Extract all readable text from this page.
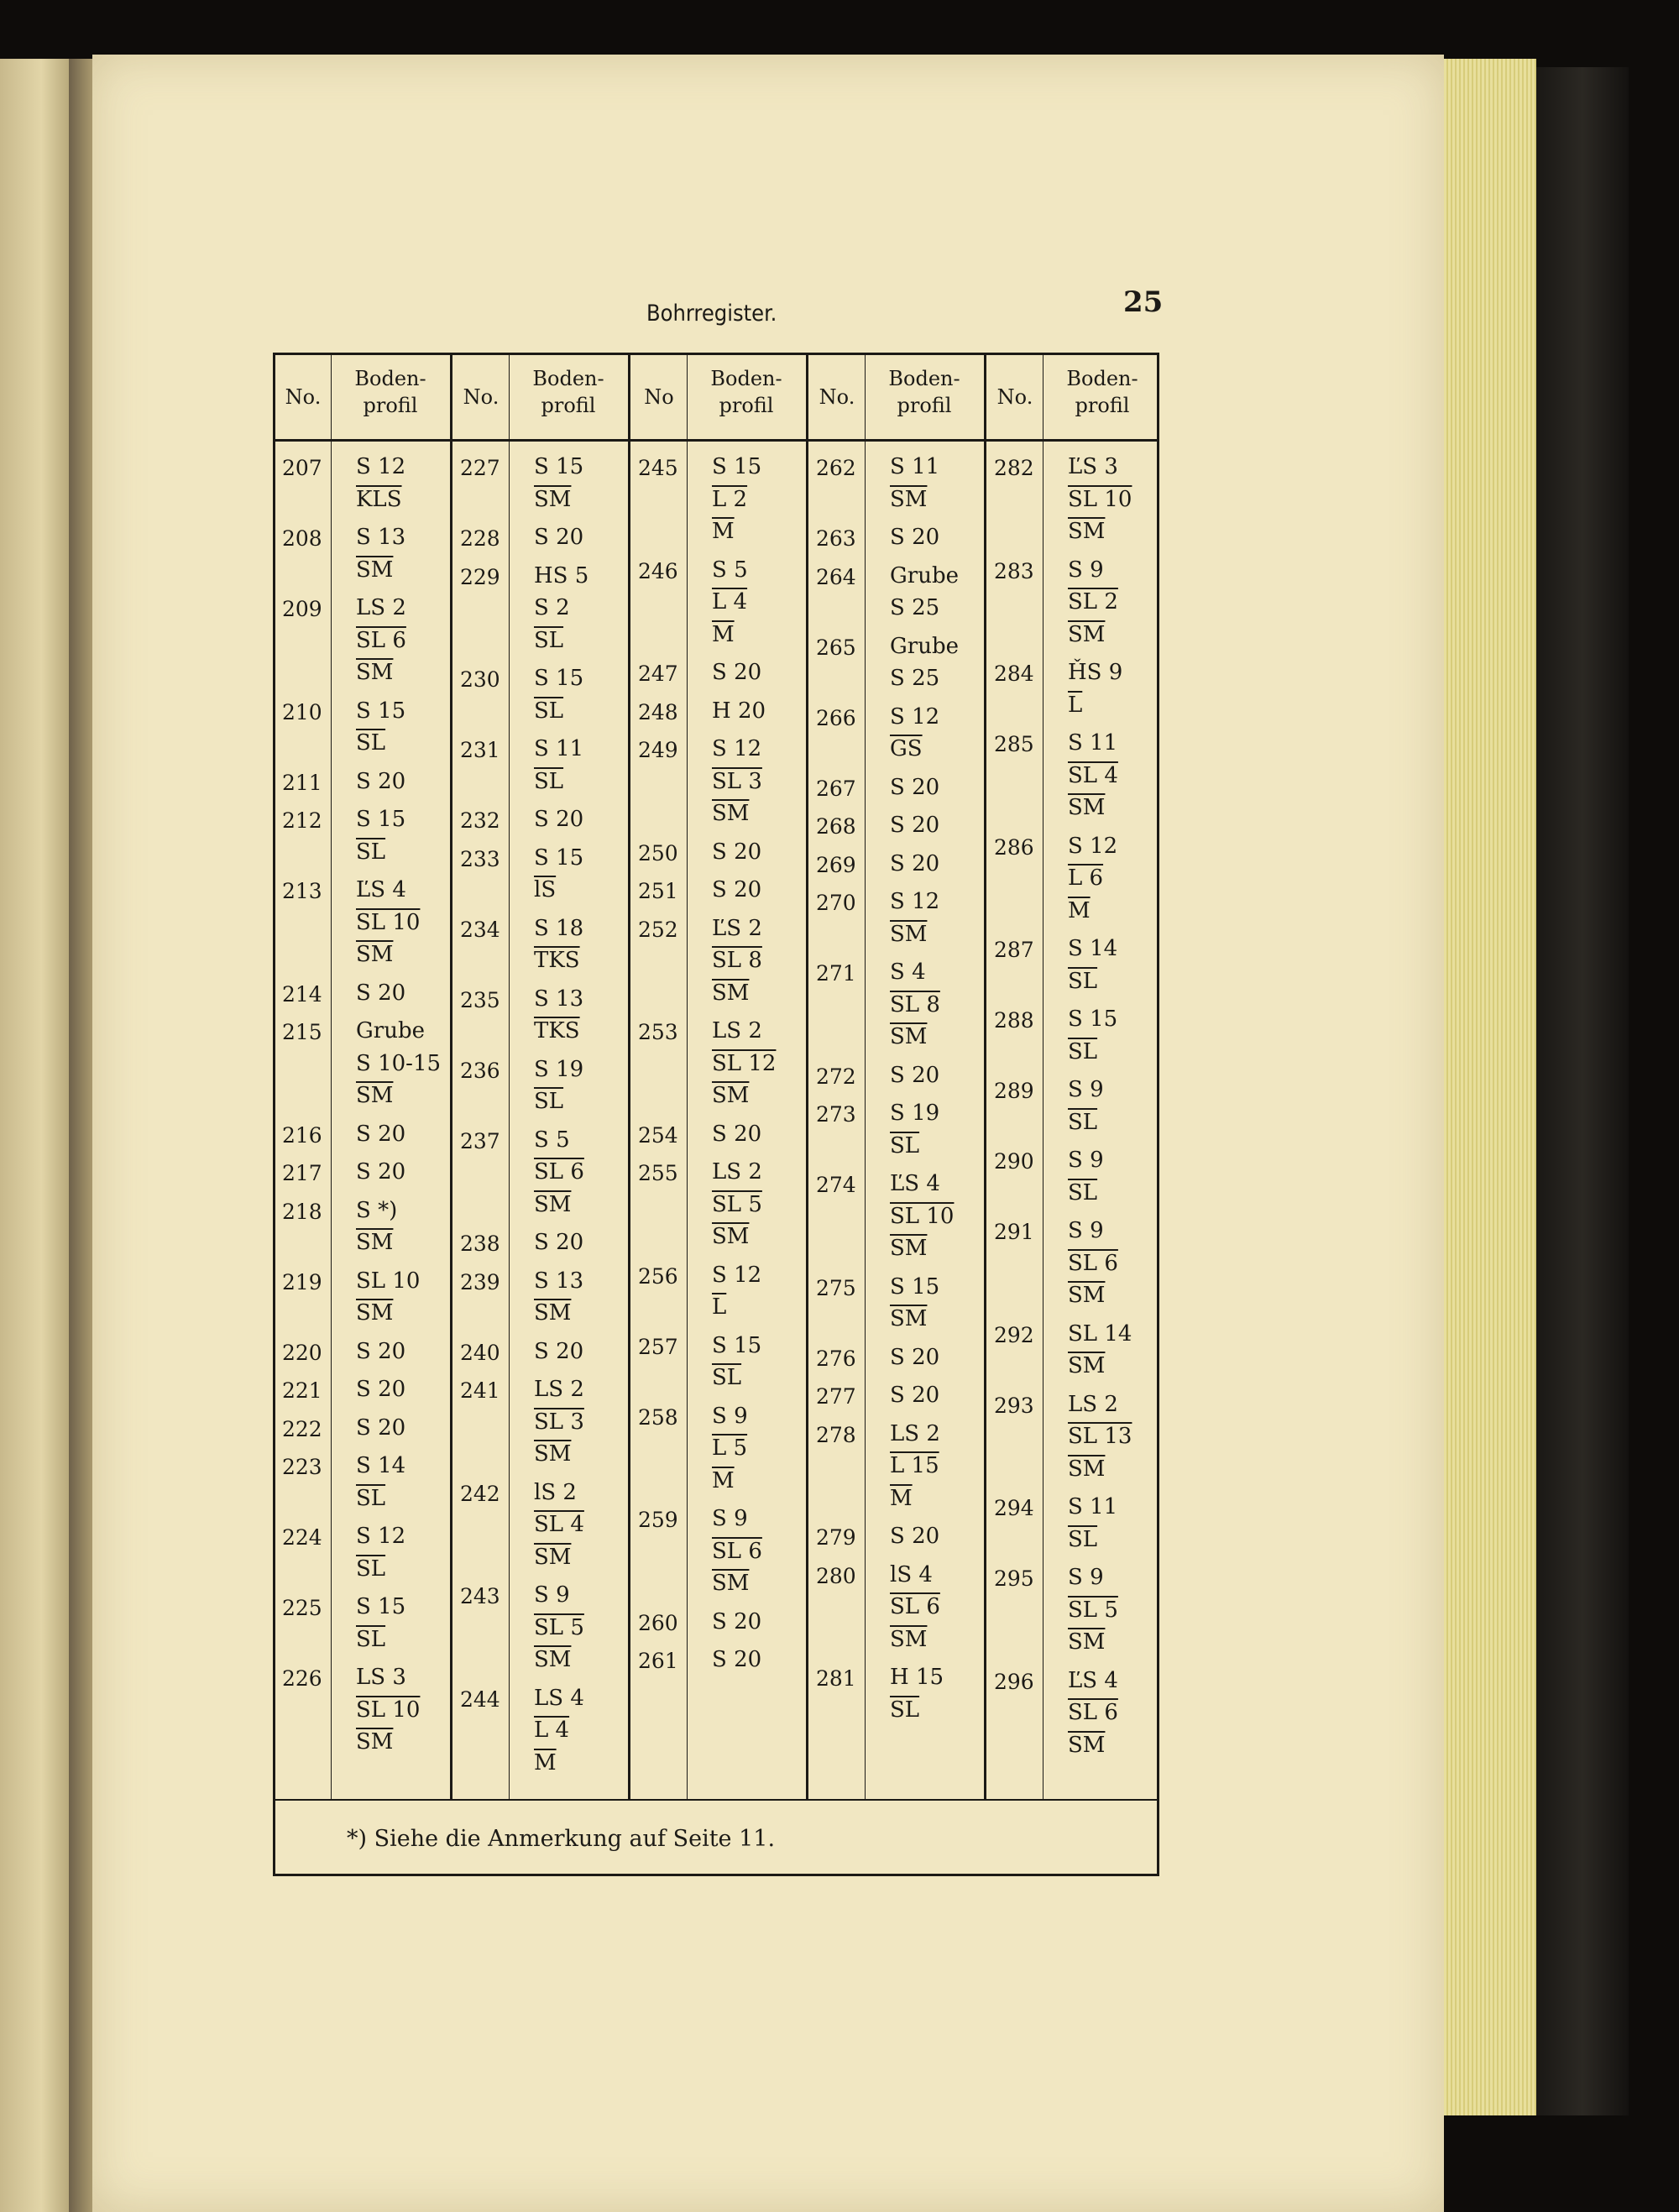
Bohrregister.	25
*) Siehe die Anmerkung auf Seite 11.
No.
Boden-
profil	No.
Boden-
profil	No
Boden-
profil	No.
Boden-
profil	No.
Boden-
profil
207 S 12
$\overline{KLS}$
208 S 13
$\overline{SM}$
209 LS 2
SL 6
$\overline{SM}$
210 S 15
$\overline{SL}$
211 S 20
212 S 15
$\overline{SL}$
213 ĽS 4
SL 10
$\overline{SM}$
214 S 20
215 Grube
S 10-15
$\overline{SM}$
216 S 20
217 S 20
218 S *)
$\overline{SM}$
219 SL 10
$\overline{SM}$
220 S 20
221 S 20
222 S 20
223 S 14
$\overline{SL}$
224 S 12
$\overline{SL}$
225 S 15
$\overline{SL}$
226 LS 3
SL 10
$\overline{SM}$
227 S 15
$\overline{SM}$
228 S 20
229 HS 5
S 2
$\overline{SL}$
230 S 15
$\overline{SL}$
231 S 11
$\overline{SL}$
232 S 20
233 S 15
$\overline{lS}$
234 S 18
$\overline{TKS}$
235 S 13
$\overline{TKS}$
236 S 19
$\overline{SL}$
237 S 5
SL 6
$\overline{SM}$
238 S 20
239 S 13
$\overline{SM}$
240 S 20
241 LS 2
SL 3
$\overline{SM}$
242 lS 2
SL 4
$\overline{SM}$
243 S 9
SL 5
$\overline{SM}$
244 LS 4
L 4
$\overline{M}$
245 S 15
L 2
$\overline{M}$
246 S 5
L 4
$\overline{M}$
247 S 20
248 H 20
249 S 12
SL 3
$\overline{SM}$
250 S 20
251 S 20
252 ĽS 2
SL 8
$\overline{SM}$
253 LS 2
SL 12
$\overline{SM}$
254 S 20
255 LS 2
SL 5
$\overline{SM}$
256 S 12
$\overline{L}$
257 S 15
$\overline{SL}$
258 S 9
L 5
$\overline{M}$
259 S 9
SL 6
$\overline{SM}$
260 S 20
261 S 20
262 S 11
$\overline{SM}$
263 S 20
264 Grube
S 25
265 Grube
S 25
266 S 12
$\overline{GS}$
267 S 20
268 S 20
269 S 20
270 S 12
$\overline{SM}$
271 S 4
SL 8
$\overline{SM}$
272 S 20
273 S 19
$\overline{SL}$
274 ĽS 4
SL 10
$\overline{SM}$
275 S 15
$\overline{SM}$
276 S 20
277 S 20
278 LS 2
L 15
$\overline{M}$
279 S 20
280 lS 4
SL 6
$\overline{SM}$
281 H 15
$\overline{SL}$
282 ĽS 3
SL 10
$\overline{SM}$
283 S 9
SL 2
$\overline{SM}$
284 ȞS 9
$\overline{L}$
285 S 11
SL 4
$\overline{SM}$
286 S 12
L 6
$\overline{M}$
287 S 14
$\overline{SL}$
288 S 15
$\overline{SL}$
289 S 9
$\overline{SL}$
290 S 9
$\overline{SL}$
291 S 9
SL 6
$\overline{SM}$
292 SL 14
$\overline{SM}$
293 LS 2
SL 13
$\overline{SM}$
294 S 11
$\overline{SL}$
295 S 9
SL 5
$\overline{SM}$
296 ĽS 4
SL 6
$\overline{SM}$
